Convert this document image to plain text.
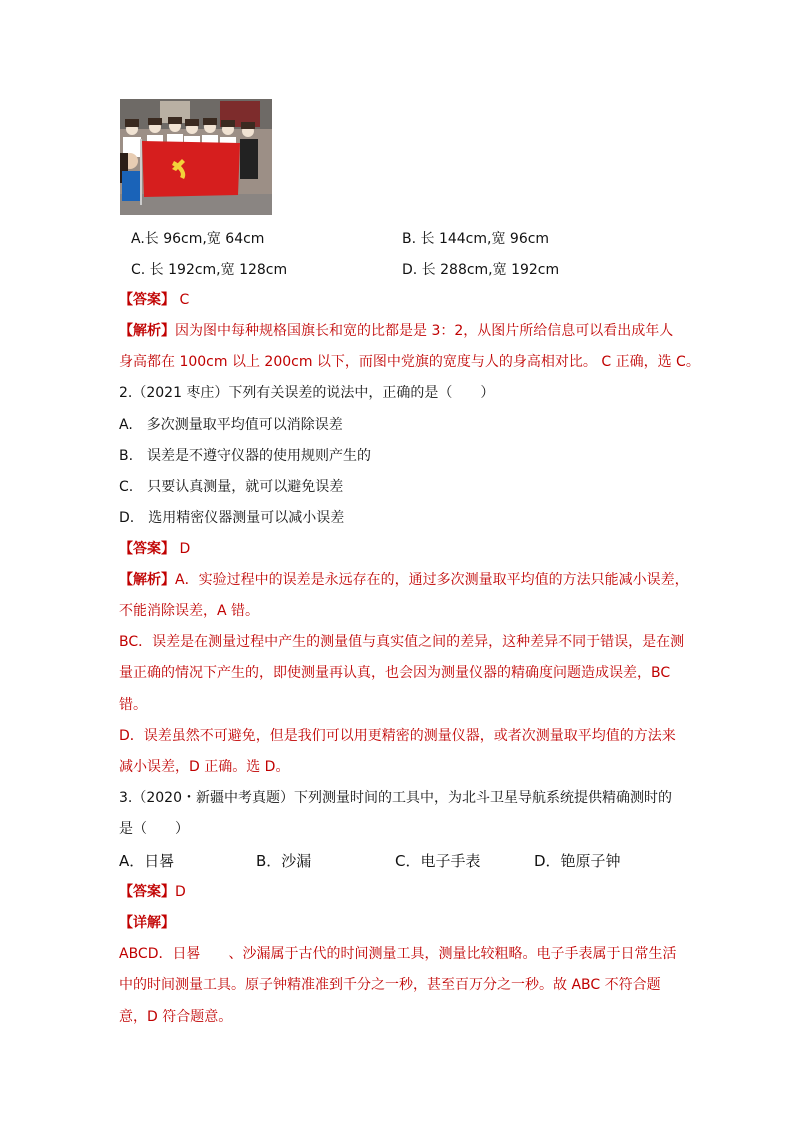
A.长 96cm,宽 64cm	B. 长 144cm,宽 96cm
C. 长 192cm,宽 128cm	D. 长 288cm,宽 192cm
【答案】 C
【解析】因为图中每种规格国旗长和宽的比都是是 3：2，从图片所给信息可以看出成年人
身高都在 100cm 以上 200cm 以下，而图中党旗的宽度与人的身高相对比。 C 正确，选 C。
2.（2021 枣庄）下列有关误差的说法中，正确的是（　　）
A.　多次测量取平均值可以消除误差
B.　误差是不遵守仪器的使用规则产生的
C.　只要认真测量，就可以避免误差
D.　选用精密仪器测量可以减小误差
【答案】 D
【解析】A．实验过程中的误差是永远存在的，通过多次测量取平均值的方法只能减小误差，
不能消除误差，A 错。
BC．误差是在测量过程中产生的测量值与真实值之间的差异，这种差异不同于错误，是在测
量正确的情况下产生的，即使测量再认真，也会因为测量仪器的精确度问题造成误差，BC
错。
D．误差虽然不可避免，但是我们可以用更精密的测量仪器，或者次测量取平均值的方法来
减小误差，D 正确。选 D。
3.（2020・新疆中考真题）下列测量时间的工具中，为北斗卫星导航系统提供精确测时的
是（　　）
A．日晷	B．沙漏	C．电子手表	D．铯原子钟
【答案】D
【详解】
ABCD．日晷　　、沙漏属于古代的时间测量工具，测量比较粗略。电子手表属于日常生活
中的时间测量工具。原子钟精准准到千分之一秒，甚至百万分之一秒。故 ABC 不符合题
意，D 符合题意。
